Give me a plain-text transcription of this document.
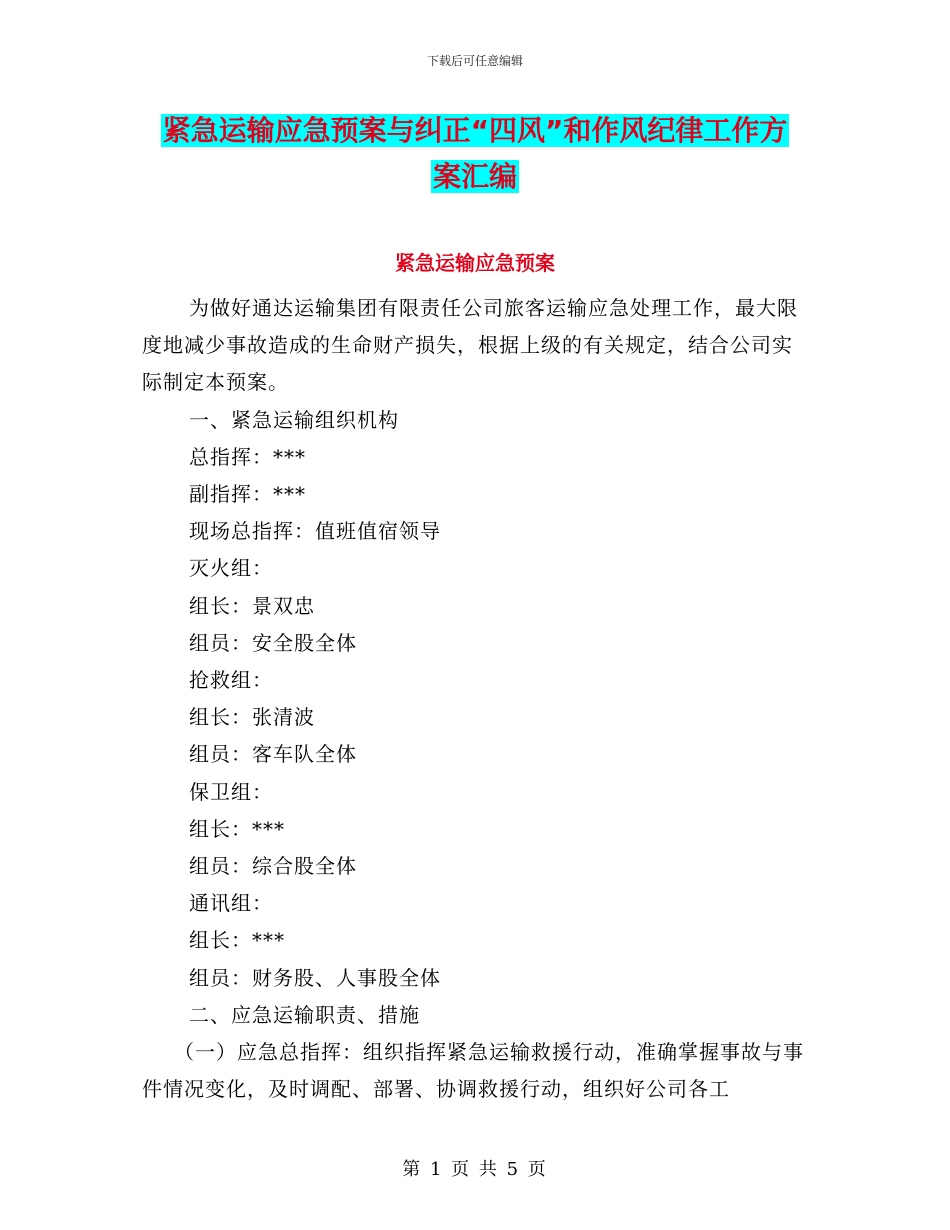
下载后可任意编辑
紧急运输应急预案与纠正“四风”和作风纪律工作方
案汇编
紧急运输应急预案

为做好通达运输集团有限责任公司旅客运输应急处理工作，最大限度地减少事故造成的生命财产损失，根据上级的有关规定，结合公司实际制定本预案。

一、紧急运输组织机构

总指挥：***

副指挥：***

现场总指挥：值班值宿领导

灭火组：

组长：景双忠

组员：安全股全体

抢救组：

组长：张清波

组员：客车队全体

保卫组：

组长：***

组员：综合股全体

通讯组：

组长：***

组员：财务股、人事股全体

二、应急运输职责、措施

（一）应急总指挥：组织指挥紧急运输救援行动，准确掌握事故与事件情况变化，及时调配、部署、协调救援行动，组织好公司各工

第 1 页 共 5 页
